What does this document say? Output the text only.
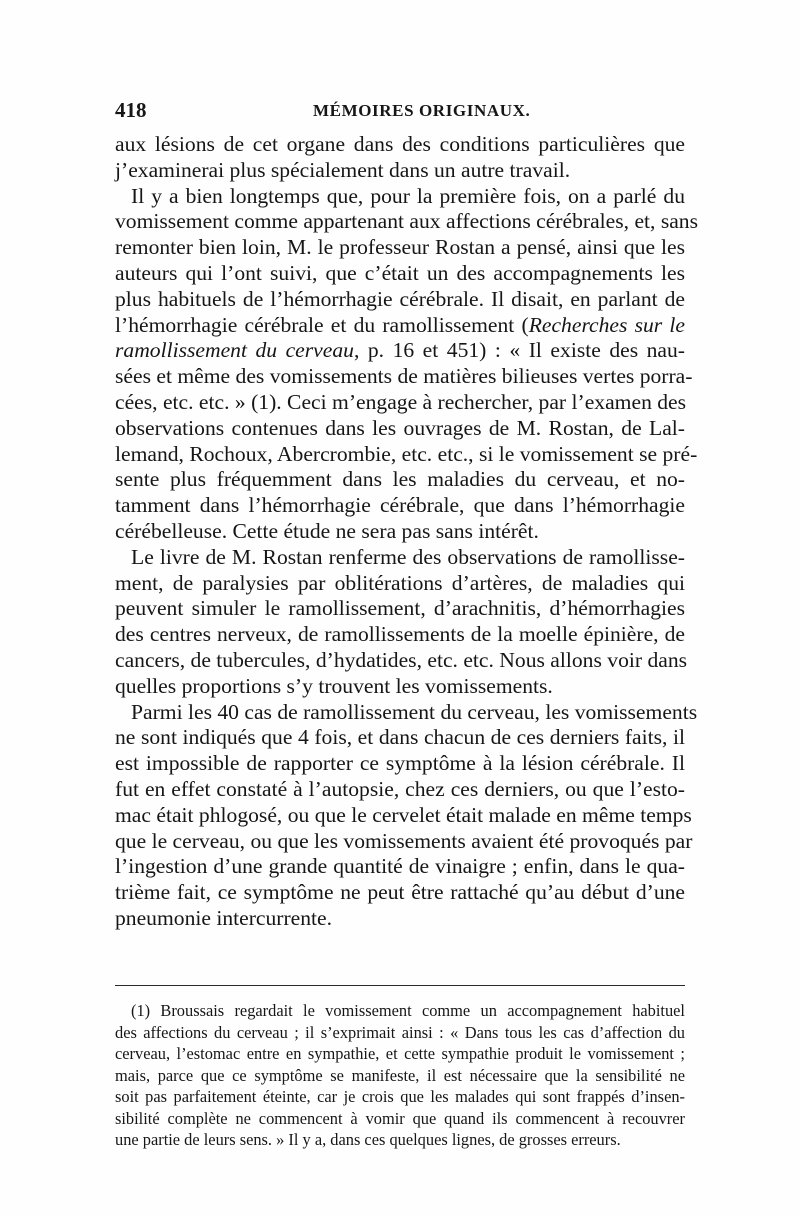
418	MÉMOIRES ORIGINAUX.

aux lésions de cet organe dans des conditions particulières que
j’examinerai plus spécialement dans un autre travail.

Il y a bien longtemps que, pour la première fois, on a parlé du
vomissement comme appartenant aux affections cérébrales, et, sans
remonter bien loin, M. le professeur Rostan a pensé, ainsi que les
auteurs qui l’ont suivi, que c’était un des accompagnements les
plus habituels de l’hémorrhagie cérébrale. Il disait, en parlant de
l’hémorrhagie cérébrale et du ramollissement (Recherches sur le
ramollissement du cerveau, p. 16 et 451) : « Il existe des nau-
sées et même des vomissements de matières bilieuses vertes porra-
cées, etc. etc. » (1). Ceci m’engage à rechercher, par l’examen des
observations contenues dans les ouvrages de M. Rostan, de Lal-
lemand, Rochoux, Abercrombie, etc. etc., si le vomissement se pré-
sente plus fréquemment dans les maladies du cerveau, et no-
tamment dans l’hémorrhagie cérébrale, que dans l’hémorrhagie
cérébelleuse. Cette étude ne sera pas sans intérêt.

Le livre de M. Rostan renferme des observations de ramollisse-
ment, de paralysies par oblitérations d’artères, de maladies qui
peuvent simuler le ramollissement, d’arachnitis, d’hémorrhagies
des centres nerveux, de ramollissements de la moelle épinière, de
cancers, de tubercules, d’hydatides, etc. etc. Nous allons voir dans
quelles proportions s’y trouvent les vomissements.

Parmi les 40 cas de ramollissement du cerveau, les vomissements
ne sont indiqués que 4 fois, et dans chacun de ces derniers faits, il
est impossible de rapporter ce symptôme à la lésion cérébrale. Il
fut en effet constaté à l’autopsie, chez ces derniers, ou que l’esto-
mac était phlogosé, ou que le cervelet était malade en même temps
que le cerveau, ou que les vomissements avaient été provoqués par
l’ingestion d’une grande quantité de vinaigre ; enfin, dans le qua-
trième fait, ce symptôme ne peut être rattaché qu’au début d’une
pneumonie intercurrente.

(1) Broussais regardait le vomissement comme un accompagnement habituel
des affections du cerveau ; il s’exprimait ainsi : « Dans tous les cas d’affection du
cerveau, l’estomac entre en sympathie, et cette sympathie produit le vomissement ;
mais, parce que ce symptôme se manifeste, il est nécessaire que la sensibilité ne
soit pas parfaitement éteinte, car je crois que les malades qui sont frappés d’insen-
sibilité complète ne commencent à vomir que quand ils commencent à recouvrer
une partie de leurs sens. » Il y a, dans ces quelques lignes, de grosses erreurs.
